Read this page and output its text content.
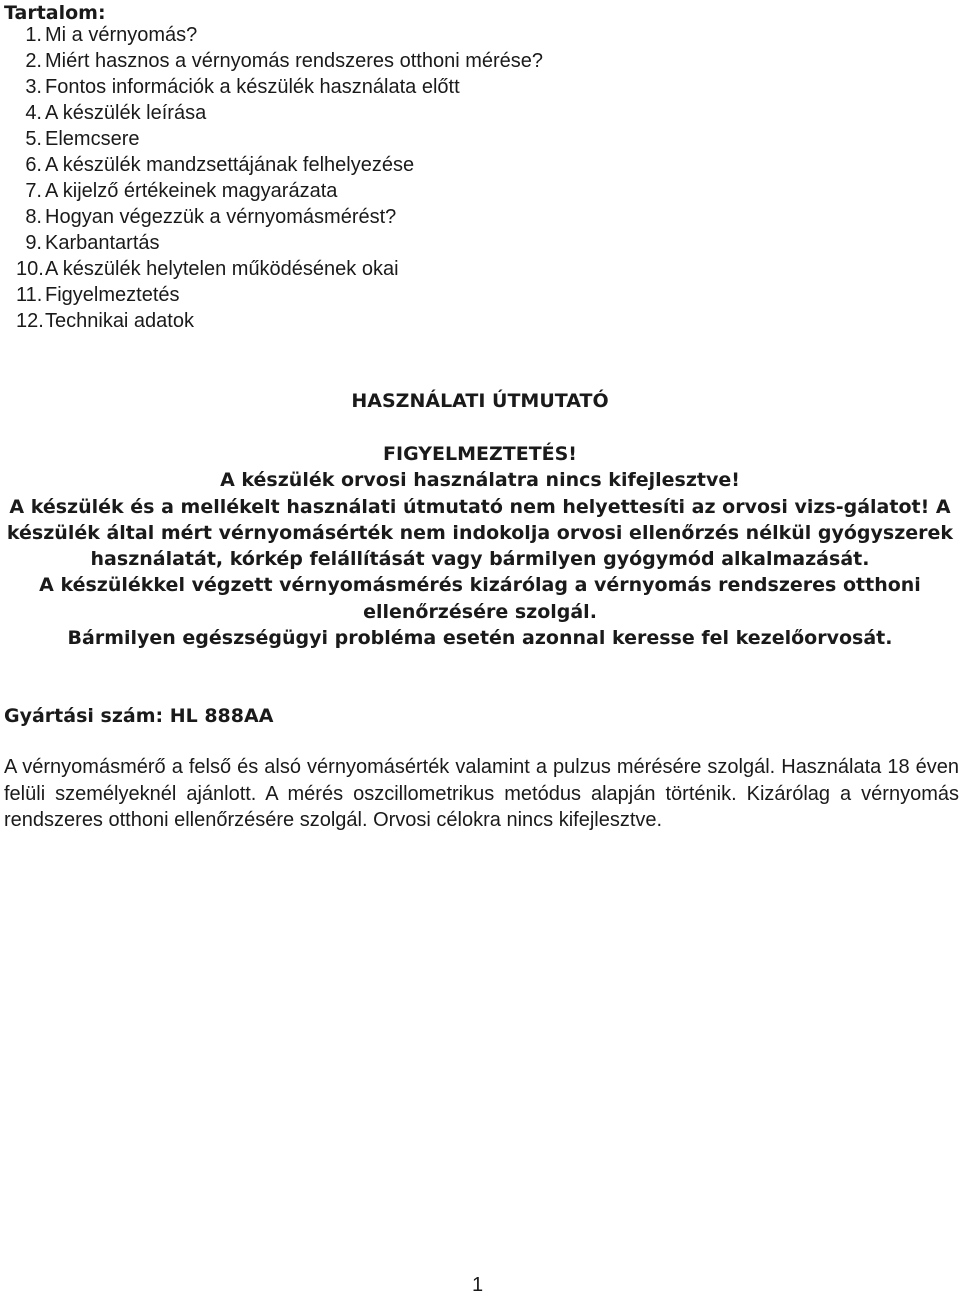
Tartalom:
1. Mi a vérnyomás?
2. Miért hasznos a vérnyomás rendszeres otthoni mérése?
3. Fontos információk a készülék használata előtt
4. A készülék leírása
5. Elemcsere
6. A készülék mandzsettájának felhelyezése
7. A kijelző értékeinek magyarázata
8. Hogyan végezzük a vérnyomásmérést?
9. Karbantartás
10.A készülék helytelen működésének okai
11. Figyelmeztetés
12.Technikai adatok
HASZNÁLATI ÚTMUTATÓ

FIGYELMEZTETÉS!

A készülék orvosi használatra nincs kifejlesztve!

A készülék és a mellékelt használati útmutató nem helyettesíti az orvosi vizs-gálatot! A készülék által mért vérnyomásérték nem indokolja orvosi ellenőrzés nélkül gyógyszerek használatát, kórkép felállítását vagy bármilyen gyógymód alkalmazását.

A készülékkel végzett vérnyomásmérés kizárólag a vérnyomás rendszeres otthoni ellenőrzésére szolgál.

Bármilyen egészségügyi probléma esetén azonnal keresse fel kezelőorvosát.

Gyártási szám: HL 888AA

A vérnyomásmérő a felső és alsó vérnyomásérték valamint a pulzus mérésére szolgál. Használata 18 éven felüli személyeknél ajánlott. A mérés oszcillometrikus metódus alapján történik. Kizárólag a vérnyomás rendszeres otthoni ellenőrzésére szolgál. Orvosi célokra nincs kifejlesztve.

1
